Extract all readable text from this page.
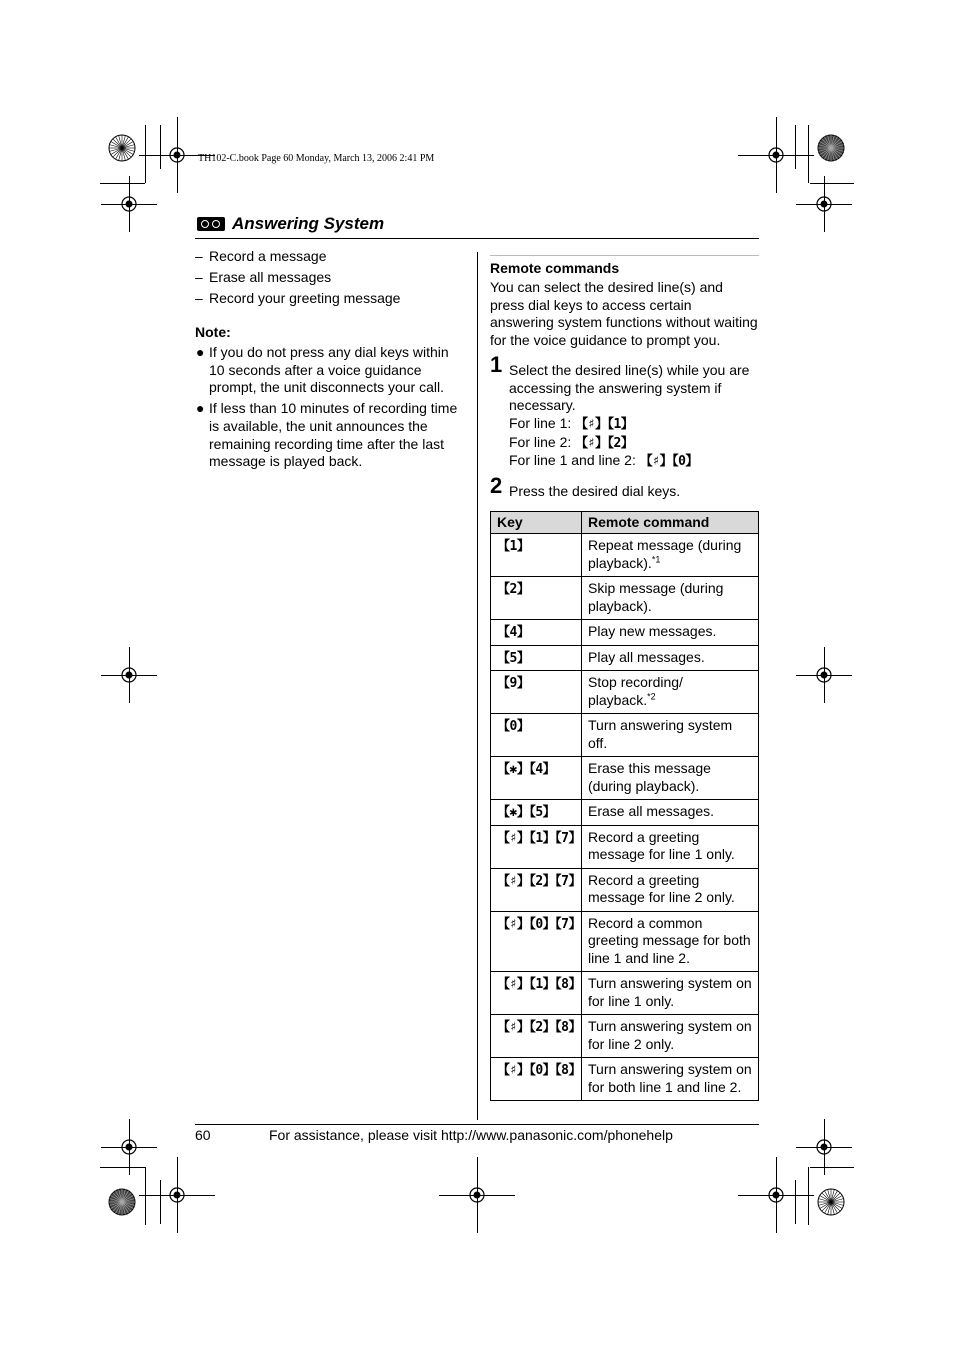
TH102-C.book Page 60 Monday, March 13, 2006 2:41 PM
Answering System
– Record a message
– Erase all messages
– Record your greeting message
Note:
● If you do not press any dial keys within 10 seconds after a voice guidance prompt, the unit disconnects your call.
● If less than 10 minutes of recording time is available, the unit announces the remaining recording time after the last message is played back.
Remote commands
You can select the desired line(s) and press dial keys to access certain answering system functions without waiting for the voice guidance to prompt you.
1 Select the desired line(s) while you are accessing the answering system if necessary.
For line 1: 【♯】【1】
For line 2: 【♯】【2】
For line 1 and line 2: 【♯】【0】
2 Press the desired dial keys.
Key	Remote command
【1】	Repeat message (during playback).$^{*1}$
【2】	Skip message (during playback).
【4】	Play new messages.
【5】	Play all messages.
【9】	Stop recording/ playback.$^{*2}$
【0】	Turn answering system off.
【✱】【4】	Erase this message (during playback).
【✱】【5】	Erase all messages.
【♯】【1】【7】	Record a greeting message for line 1 only.
【♯】【2】【7】	Record a greeting message for line 2 only.
【♯】【0】【7】	Record a common greeting message for both line 1 and line 2.
【♯】【1】【8】	Turn answering system on for line 1 only.
【♯】【2】【8】	Turn answering system on for line 2 only.
【♯】【0】【8】	Turn answering system on for both line 1 and line 2.
60	For assistance, please visit http://www.panasonic.com/phonehelp
